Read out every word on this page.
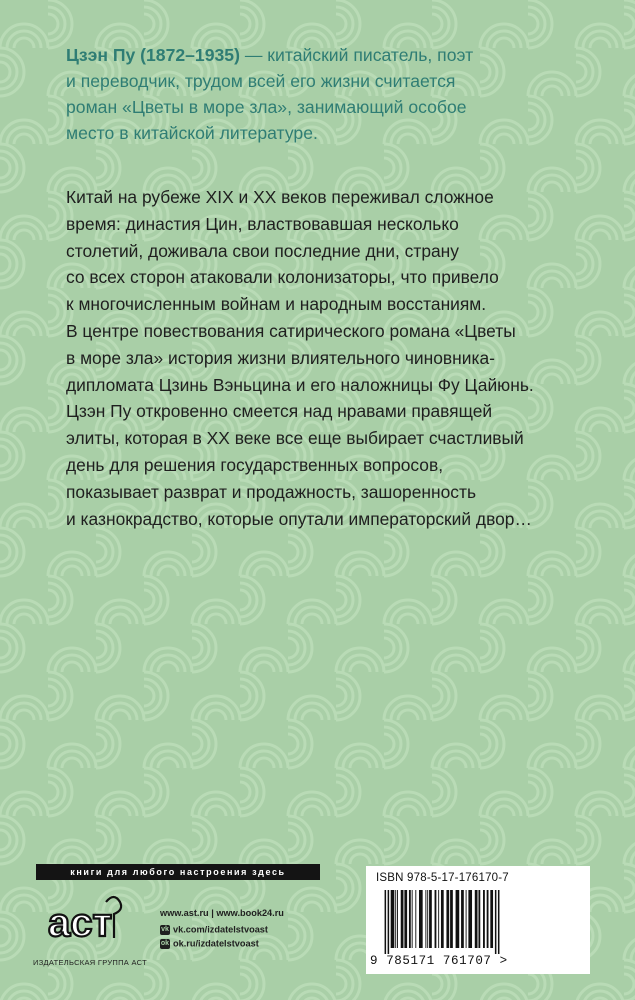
Цзэн Пу (1872–1935) — китайский писатель, поэт
и переводчик, трудом всей его жизни считается
роман «Цветы в море зла», занимающий особое
место в китайской литературе.

Китай на рубеже XIX и XX веков переживал сложное
время: династия Цин, властвовавшая несколько
столетий, доживала свои последние дни, страну
со всех сторон атаковали колонизаторы, что привело
к многочисленным войнам и народным восстаниям.
В центре повествования сатирического романа «Цветы
в море зла» история жизни влиятельного чиновника-
дипломата Цзинь Вэньцина и его наложницы Фу Цайюнь.
Цзэн Пу откровенно смеется над нравами правящей
элиты, которая в XX веке все еще выбирает счастливый
день для решения государственных вопросов,
показывает разврат и продажность, зашоренность
и казнокрадство, которые опутали императорский двор…

книги для любого настроения здесь
аст
ИЗДАТЕЛЬСКАЯ ГРУППА АСТ
www.ast.ru | www.book24.ru
vk vk.com/izdatelstvoast
ok ok.ru/izdatelstvoast
ISBN 978-5-17-176170-7
9 785171 761707 >
